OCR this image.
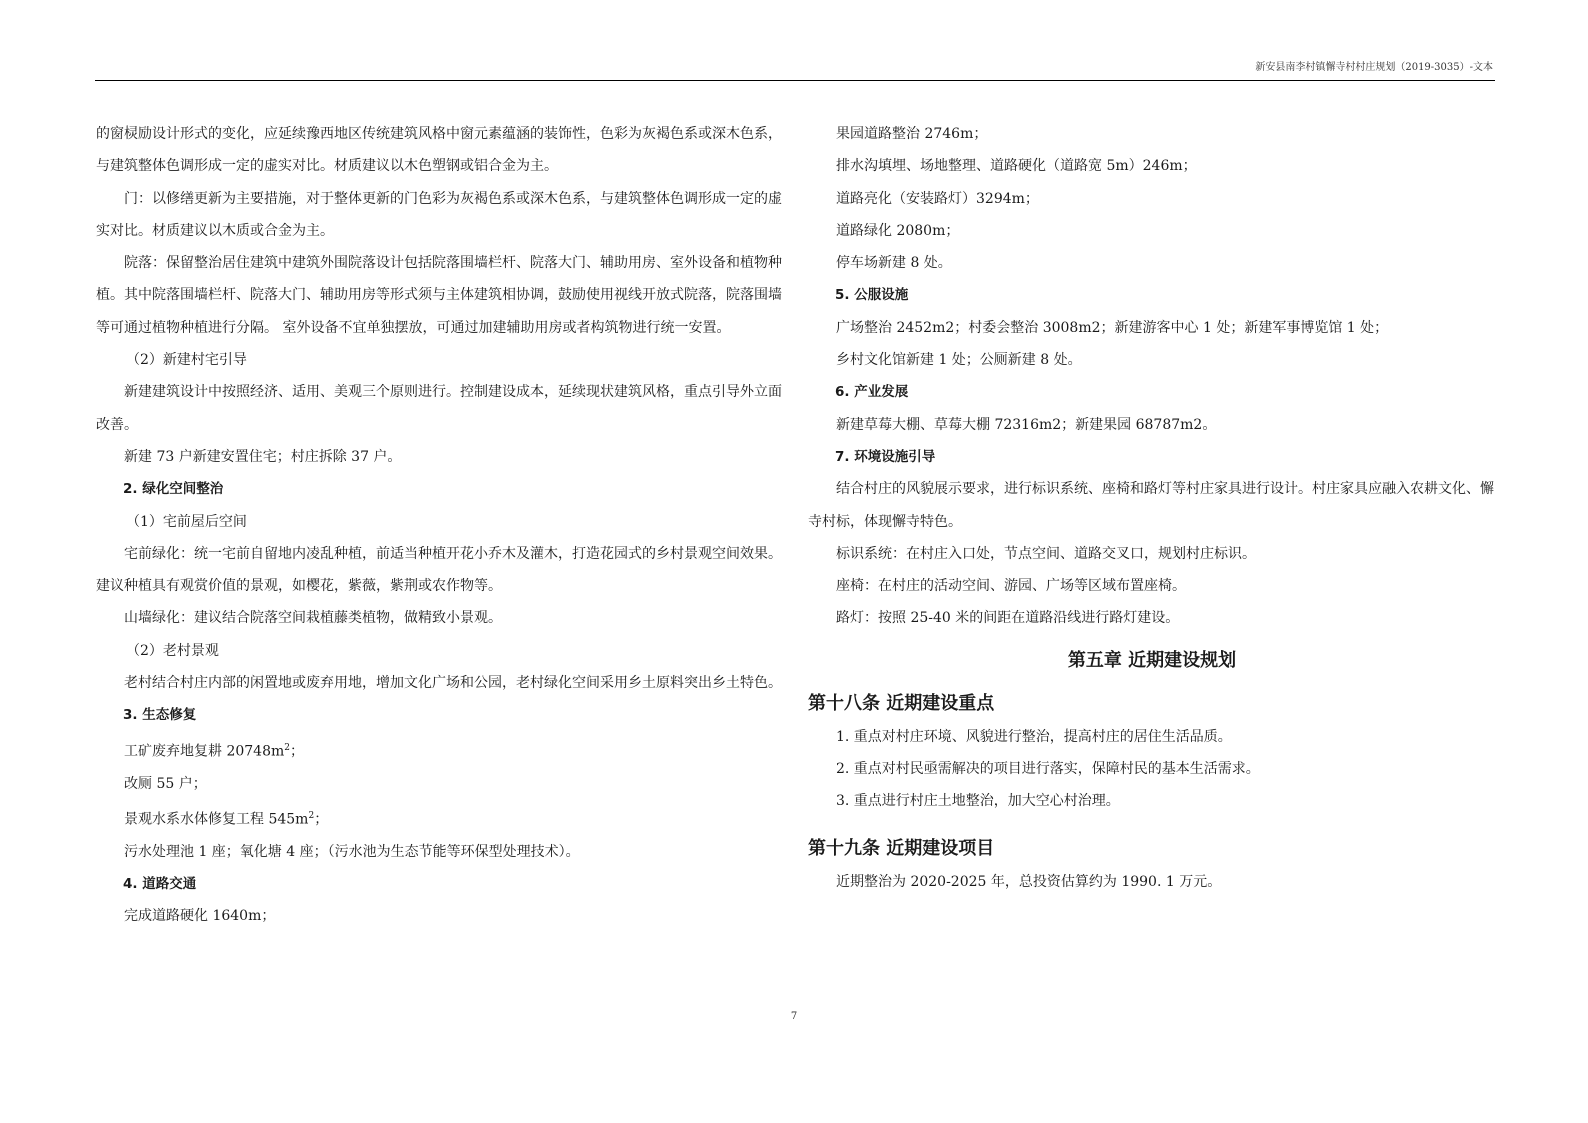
新安县南李村镇懈寺村村庄规划（2019-3035）-文本

的窗棂励设计形式的变化，应延续豫西地区传统建筑风格中窗元素蕴涵的装饰性，色彩为灰褐色系或深木色系，与建筑整体色调形成一定的虚实对比。材质建议以木色塑钢或铝合金为主。

门：以修缮更新为主要措施，对于整体更新的门色彩为灰褐色系或深木色系，与建筑整体色调形成一定的虚实对比。材质建议以木质或合金为主。

院落：保留整治居住建筑中建筑外围院落设计包括院落围墙栏杆、院落大门、辅助用房、室外设备和植物种植。其中院落围墙栏杆、院落大门、辅助用房等形式须与主体建筑相协调，鼓励使用视线开放式院落，院落围墙等可通过植物种植进行分隔。 室外设备不宜单独摆放，可通过加建辅助用房或者构筑物进行统一安置。

（2）新建村宅引导

新建建筑设计中按照经济、适用、美观三个原则进行。控制建设成本，延续现状建筑风格，重点引导外立面改善。

新建 73 户新建安置住宅；村庄拆除 37 户。

2. 绿化空间整治

（1）宅前屋后空间

宅前绿化：统一宅前自留地内凌乱种植，前适当种植开花小乔木及灌木，打造花园式的乡村景观空间效果。建议种植具有观赏价值的景观，如樱花，紫薇，紫荆或农作物等。

山墙绿化：建议结合院落空间栽植藤类植物，做精致小景观。

（2）老村景观

老村结合村庄内部的闲置地或废弃用地，增加文化广场和公园，老村绿化空间采用乡土原料突出乡土特色。

3. 生态修复

工矿废弃地复耕 $20748m^2$；

改厕 55 户；

景观水系水体修复工程 $545m^2$；

污水处理池 1 座；氧化塘 4 座；（污水池为生态节能等环保型处理技术）。

4. 道路交通

完成道路硬化 1640m；

果园道路整治 2746m；

排水沟填埋、场地整理、道路硬化（道路宽 5m）246m；

道路亮化（安装路灯）3294m；

道路绿化 2080m；

停车场新建 8 处。

5. 公服设施

广场整治 2452m2；村委会整治 3008m2；新建游客中心 1 处；新建军事博览馆 1 处；

乡村文化馆新建 1 处；公厕新建 8 处。

6. 产业发展

新建草莓大棚、草莓大棚 72316m2；新建果园 68787m2。

7. 环境设施引导

结合村庄的风貌展示要求，进行标识系统、座椅和路灯等村庄家具进行设计。村庄家具应融入农耕文化、懈寺村标，体现懈寺特色。

标识系统：在村庄入口处，节点空间、道路交叉口，规划村庄标识。

座椅：在村庄的活动空间、游园、广场等区域布置座椅。

路灯：按照 25-40 米的间距在道路沿线进行路灯建设。

第五章 近期建设规划

第十八条 近期建设重点

1. 重点对村庄环境、风貌进行整治，提高村庄的居住生活品质。

2. 重点对村民亟需解决的项目进行落实，保障村民的基本生活需求。

3. 重点进行村庄土地整治，加大空心村治理。

第十九条 近期建设项目

近期整治为 2020-2025 年，总投资估算约为 1990. 1 万元。

7
